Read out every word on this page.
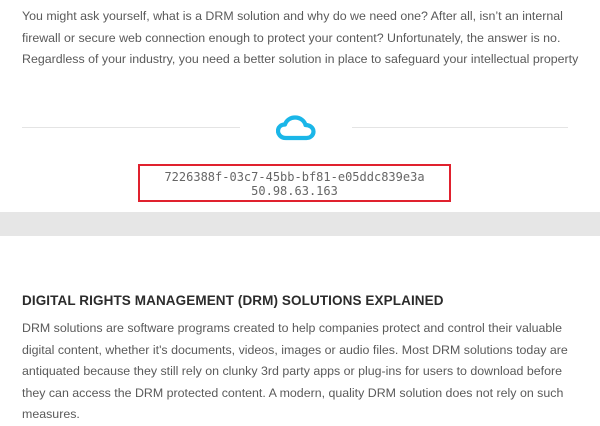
You might ask yourself, what is a DRM solution and why do we need one? After all, isn’t an internal firewall or secure web connection enough to protect your content? Unfortunately, the answer is no. Regardless of your industry, you need a better solution in place to safeguard your intellectual property

7226388f-03c7-45bb-bf81-e05ddc839e3a
50.98.63.163
DIGITAL RIGHTS MANAGEMENT (DRM) SOLUTIONS EXPLAINED

DRM solutions are software programs created to help companies protect and control their valuable digital content, whether it's documents, videos, images or audio files. Most DRM solutions today are antiquated because they still rely on clunky 3rd party apps or plug-ins for users to download before they can access the DRM protected content. A modern, quality DRM solution does not rely on such measures.
